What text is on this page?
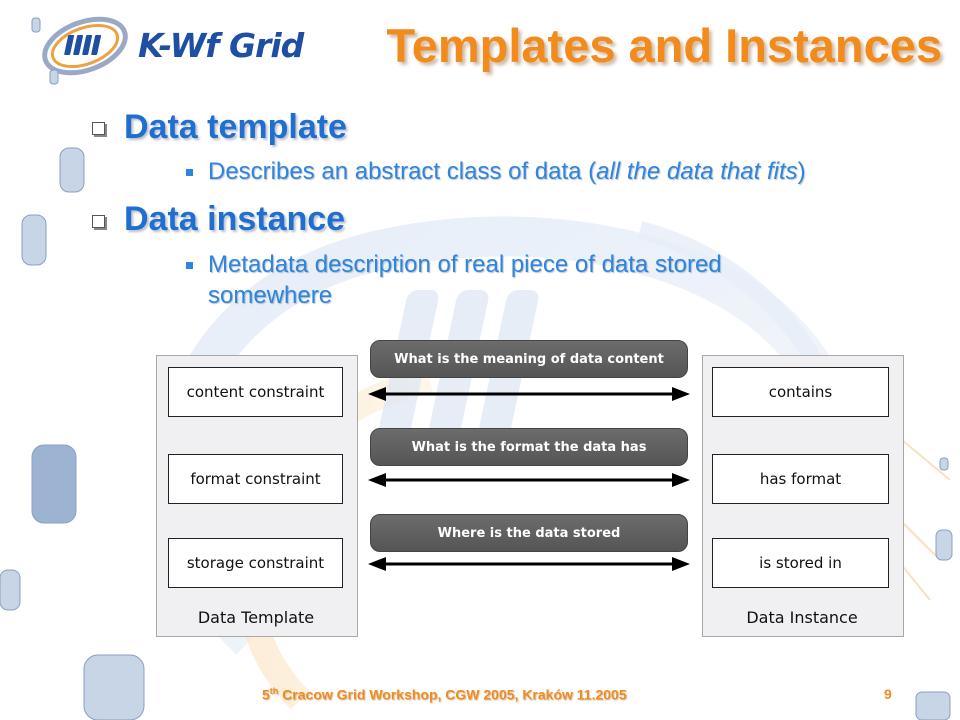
K-Wf Grid Templates and Instances
Data template
Describes an abstract class of data (all the data that fits)
Data instance
Metadata description of real piece of data stored
somewhere
content constraint
format constraint
storage constraint
Data Template
contains
has format
is stored in
Data Instance
What is the meaning of data content
What is the format the data has
Where is the data stored
5th Cracow Grid Workshop, CGW 2005, Kraków 11.2005	9
